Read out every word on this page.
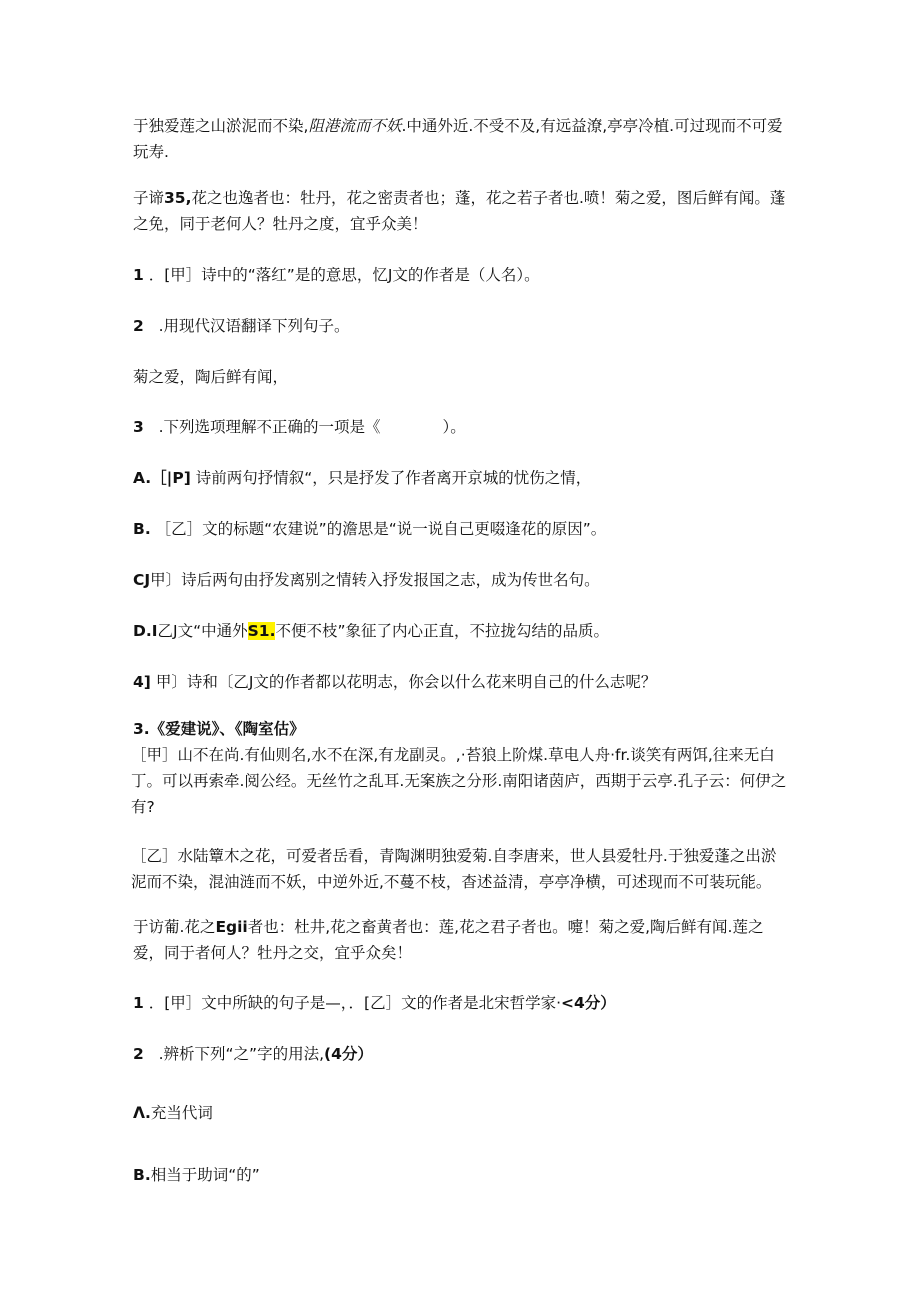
于独爱莲之山淤泥而不染,阻港流而不妖.中通外近.不受不及,有远益潦,亭亭冷植.可过现而不可爱玩寿.

子谛35,花之也逸者也：牡丹，花之密责者也；蓬，花之若子者也.喷！菊之爱，图后鲜有闻。蓬之免，同于老何人？牡丹之度，宜乎众美！

1 ．[甲］诗中的“落红”是的意思，忆J文的作者是（人名）。

2 .用现代汉语翻译下列句子。

菊之爱，陶后鲜有闻，

3 .下列选项理解不正确的一项是《　　　　）。

A.［|P] 诗前两句抒情叙“，只是抒发了作者离开京城的忧伤之情，

B. ［乙］文的标题“农建说”的澹思是“说一说自己更啜逢花的原因”。

CJ甲〕诗后两句由抒发离别之情转入抒发报国之志，成为传世名句。

D.I乙J文“中通外S1.不便不枝”象征了内心正直，不拉拢勾结的品质。

4] 甲〕诗和〔乙J文的作者都以花明志，你会以什么花来明自己的什么志呢？

3.《爱建说》、《陶室估》

［甲］山不在尚.有仙则名,水不在深,有龙副灵。,·苔狼上阶煤.草电人舟·fr.谈笑有两饵,往来无白丁。可以再索牵.阅公经。无丝竹之乱耳.无案族之分形.南阳诸茵庐，西期于云亭.孔子云：何伊之有?

［乙］水陆簟木之花，可爱者岳看，青陶渊明独爱菊.自李唐来，世人县爱牡丹.于独爱蓬之出淤泥而不染，混油涟而不妖，中逆外近,不蔓不枝，杳述益清，亭亭净横，可述现而不可装玩能。

于访葡.花之Egii者也：杜井,花之畜黄者也：莲,花之君子者也。嚏！菊之爱,陶后鲜有闻.莲之爱，同于者何人？牡丹之交，宜乎众矣！

1 ．[甲］文中所缺的句子是—，．[乙］文的作者是北宋哲学家·<4分）

2 .辨析下列“之”字的用法,(4分）

Λ.充当代词

B.相当于助词“的”
